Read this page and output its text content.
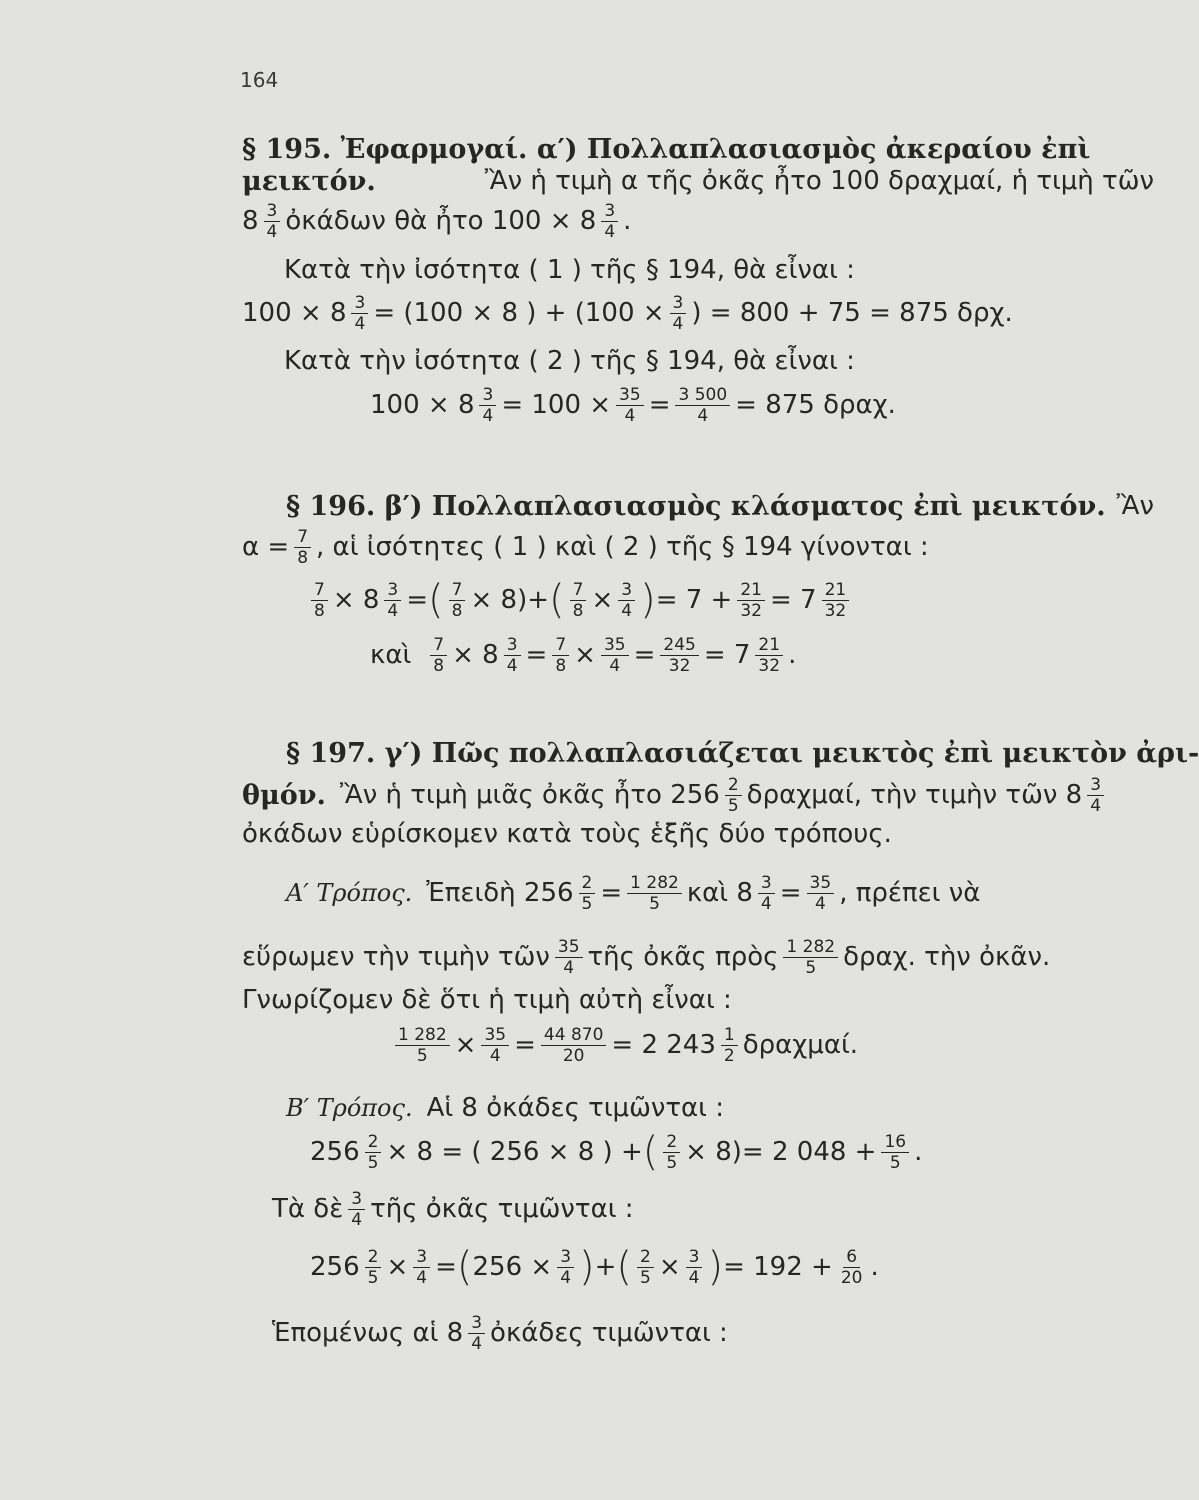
164
§ 195. Ἐφαρμογαί. α′) Πολλαπλασιασμὸς ἀκεραίου ἐπὶ
μεικτόν.	Ἂν ἡ τιμὴ α τῆς ὀκᾶς ἦτο 100 δραχμαί, ἡ τιμὴ τῶν
$8 \frac{3}{4}$ ὀκάδων θὰ ἦτο $100 \times 8 \frac{3}{4}$ .
Κατὰ τὴν ἰσότητα ( 1 ) τῆς § 194, θὰ εἶναι :
$100 \times 8 \frac{3}{4} = (100 \times 8$ ) + ($100 \times \frac{3}{4}$ ) = 800 + 75 = 875 δρχ.
Κατὰ τὴν ἰσότητα ( 2 ) τῆς § 194, θὰ εἶναι :
$100 \times 8 \frac{3}{4} = 100 \times \frac{35}{4} = \frac{3 500}{4} = 875$ δραχ.
§ 196. β′) Πολλαπλασιασμὸς κλάσματος ἐπὶ μεικτόν. Ἂν
$\alpha = \frac{7}{8}$ , αἱ ἰσότητες ( 1 ) καὶ ( 2 ) τῆς § 194 γίνονται :
$\frac{7}{8} \times 8 \frac{3}{4}$ = ( $\frac{7}{8} \times 8$) + ( $\frac{7}{8} \times \frac{3}{4}$ ) = $7 + \frac{21}{32} = 7 \frac{21}{32}$
καὶ $\frac{7}{8} \times 8 \frac{3}{4} = \frac{7}{8} \times \frac{35}{4} = \frac{245}{32} = 7 \frac{21}{32}$ .
§ 197. γ′) Πῶς πολλαπλασιάζεται μεικτὸς ἐπὶ μεικτὸν ἀρι-
θμόν. Ἂν ἡ τιμὴ μιᾶς ὀκᾶς ἦτο $256 \frac{2}{5} \delta\rho\alpha\chi\mu\alpha ί$, τὴν τιμὴν τῶν $8 \frac{3}{4}$
ὀκάδων εὑρίσκομεν κατὰ τοὺς ἑξῆς δύο τρόπους.
Α′ Τρόπος. Ἐπειδὴ $256 \frac{2}{5} = \frac{1 282}{5}$ καὶ $8 \frac{3}{4} = \frac{35}{4}$ , πρέπει νὰ
εὕρωμεν τὴν τιμὴν τῶν $\frac{35}{4}$ τῆς ὀκᾶς πρὸς $\frac{1 282}{5} \delta\rho\alpha\chi$. τὴν ὀκᾶν.
Γνωρίζομεν δὲ ὅτι ἡ τιμὴ αὐτὴ εἶναι :
$\frac{1 282}{5} \times \frac{35}{4} = \frac{44 870}{20} = 2$ $243 \frac{1}{2} \delta\rho\alpha\chi\mu\alpha ί$.
Β′ Τρόπος. Αἱ 8 ὀκάδες τιμῶνται :
$256 \frac{2}{5} \times 8$ = ( 256 × 8 ) + ( $\frac{2}{5} \times 8) = 2$ $048 + \frac{16}{5}$ .
Τὰ δὲ $\frac{3}{4}$ τῆς ὀκᾶς τιμῶνται :
$256 \frac{2}{5} \times \frac{3}{4}$ = ( $256 \times \frac{3}{4}$ ) + ( $\frac{2}{5} \times \frac{3}{4}$ ) = $192 + \frac{6}{20}$ .
Ἑπομένως αἱ $8 \frac{3}{4}$ ὀκάδες τιμῶνται :
